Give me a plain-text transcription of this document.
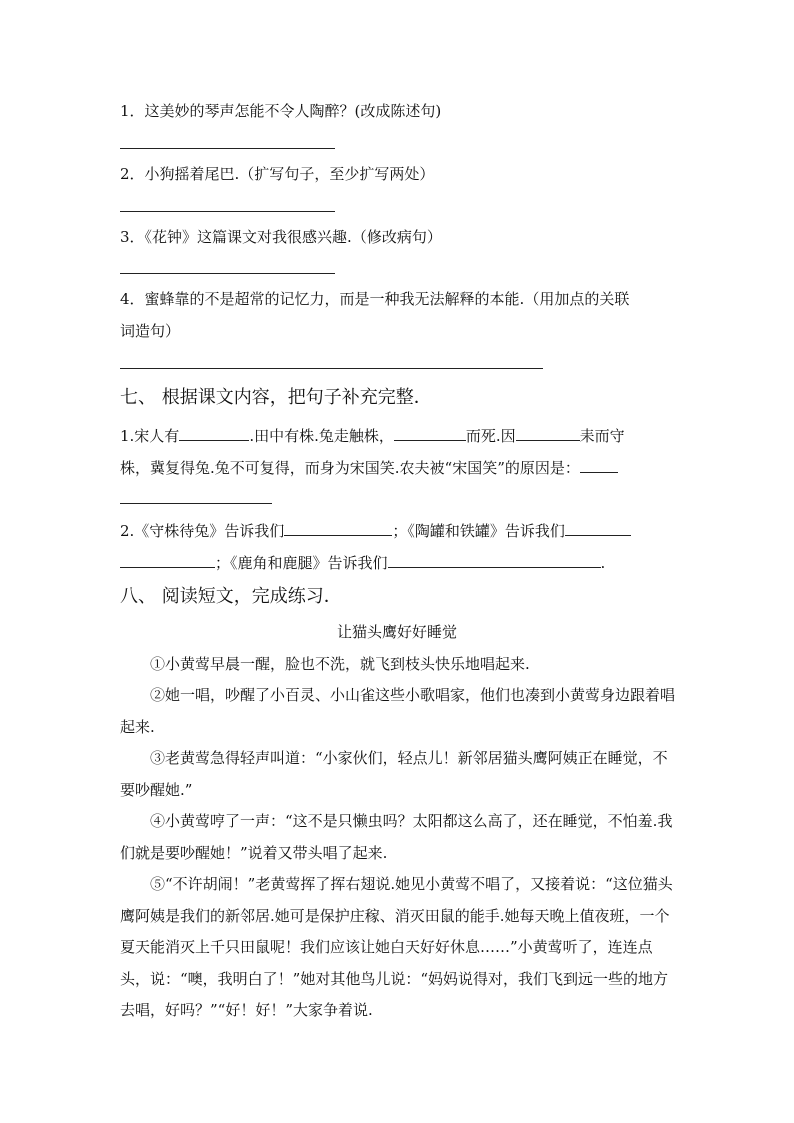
1．这美妙的琴声怎能不令人陶醉？(改成陈述句)
2．小狗摇着尾巴.（扩写句子，至少扩写两处）
3．《花钟》这篇课文对我很感兴趣.（修改病句）
4．蜜蜂靠的不是超常的记忆力，而是一种我无法解释的本能.（用加点的关联
词造句）
七、 根据课文内容，把句子补充完整．
1.宋人有	.田中有株.兔走触株，	而死.因	耒而守
株，冀复得兔.兔不可复得，而身为宋国笑.农夫被“宋国笑”的原因是：
2.《守株待兔》告诉我们	；《陶罐和铁罐》告诉我们
；《鹿角和鹿腿》告诉我们	.
八、 阅读短文，完成练习．
让猫头鹰好好睡觉
①小黄莺早晨一醒，脸也不洗，就飞到枝头快乐地唱起来.
②她一唱，吵醒了小百灵、小山雀这些小歌唱家，他们也凑到小黄莺身边跟着唱起来.
③老黄莺急得轻声叫道：“小家伙们，轻点儿！新邻居猫头鹰阿姨正在睡觉，不要吵醒她.”
④小黄莺哼了一声：“这不是只懒虫吗？太阳都这么高了，还在睡觉，不怕羞.我们就是要吵醒她！”说着又带头唱了起来.
⑤“不许胡闹！”老黄莺挥了挥右翅说.她见小黄莺不唱了，又接着说：“这位猫头鹰阿姨是我们的新邻居.她可是保护庄稼、消灭田鼠的能手.她每天晚上值夜班，一个夏天能消灭上千只田鼠呢！我们应该让她白天好好休息……”小黄莺听了，连连点头，说：“噢，我明白了！”她对其他鸟儿说：“妈妈说得对，我们飞到远一些的地方去唱，好吗？”“好！好！”大家争着说.
